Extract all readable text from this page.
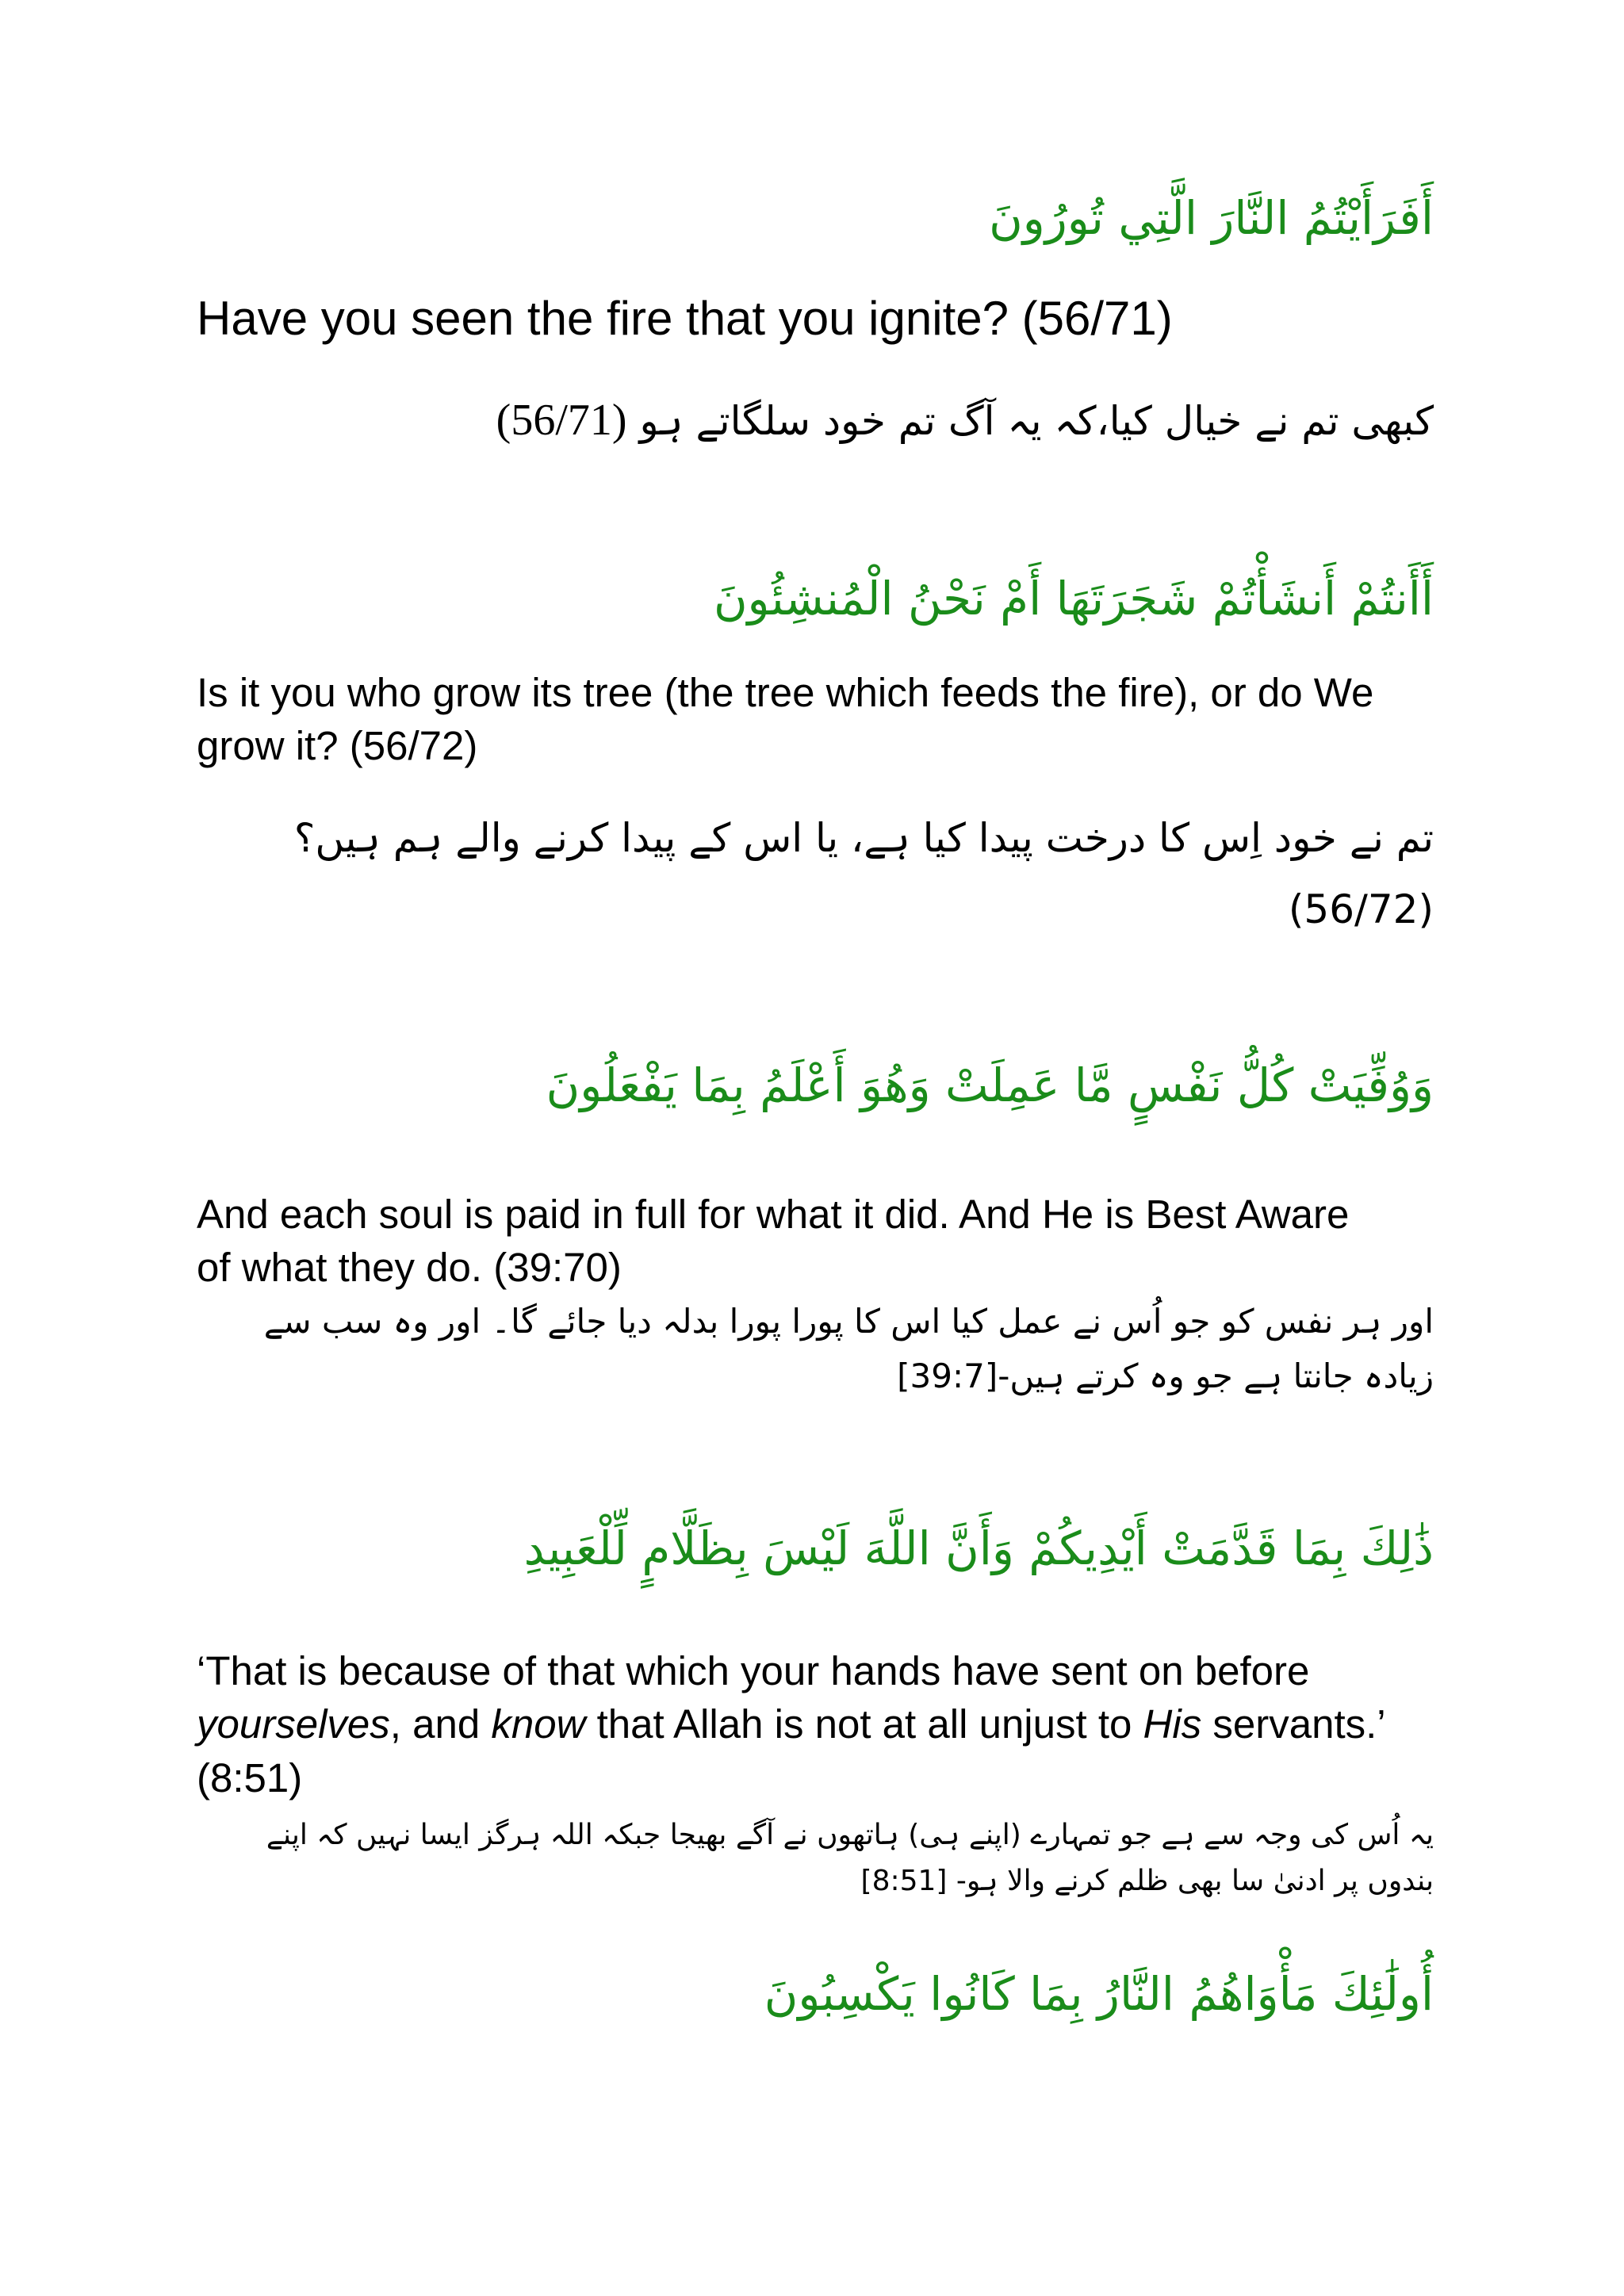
أَفَرَأَيْتُمُ النَّارَ الَّتِي تُورُونَ
Have you seen the fire that you ignite? (56/71)
کبھی تم نے خیال کیا،کہ یہ آگ تم خود سلگاتے ہو (56/71)
أَأَنتُمْ أَنشَأْتُمْ شَجَرَتَهَا أَمْ نَحْنُ الْمُنشِئُونَ
Is it you who grow its tree (the tree which feeds the fire), or do We grow it? (56/72)
تم نے خود اِس کا درخت پیدا کیا ہے، یا اس کے پیدا کرنے والے ہم ہیں؟(56/72)
وَوُفِّيَتْ كُلُّ نَفْسٍ مَّا عَمِلَتْ وَهُوَ أَعْلَمُ بِمَا يَفْعَلُونَ
And each soul is paid in full for what it did. And He is Best Aware of what they do. (39:70)
اور ہر نفس کو جو اُس نے عمل کیا اس کا پورا پورا بدلہ دیا جائے گا۔ اور وہ سب سے زیادہ جانتا ہے جو وہ کرتے ہیں-[39:7]
ذَٰلِكَ بِمَا قَدَّمَتْ أَيْدِيكُمْ وَأَنَّ اللَّهَ لَيْسَ بِظَلَّامٍ لِّلْعَبِيدِ
‘That is because of that which your hands have sent on before yourselves, and know that Allah is not at all unjust to His servants.’ (8:51)
یہ اُس کی وجہ سے ہے جو تمہارے (اپنے ہی) ہاتھوں نے آگے بھیجا جبکہ اللہ ہرگز ایسا نہیں کہ اپنے بندوں پر ادنیٰ سا بھی ظلم کرنے والا ہو- [8:51]
أُولَٰئِكَ مَأْوَاهُمُ النَّارُ بِمَا كَانُوا يَكْسِبُونَ
